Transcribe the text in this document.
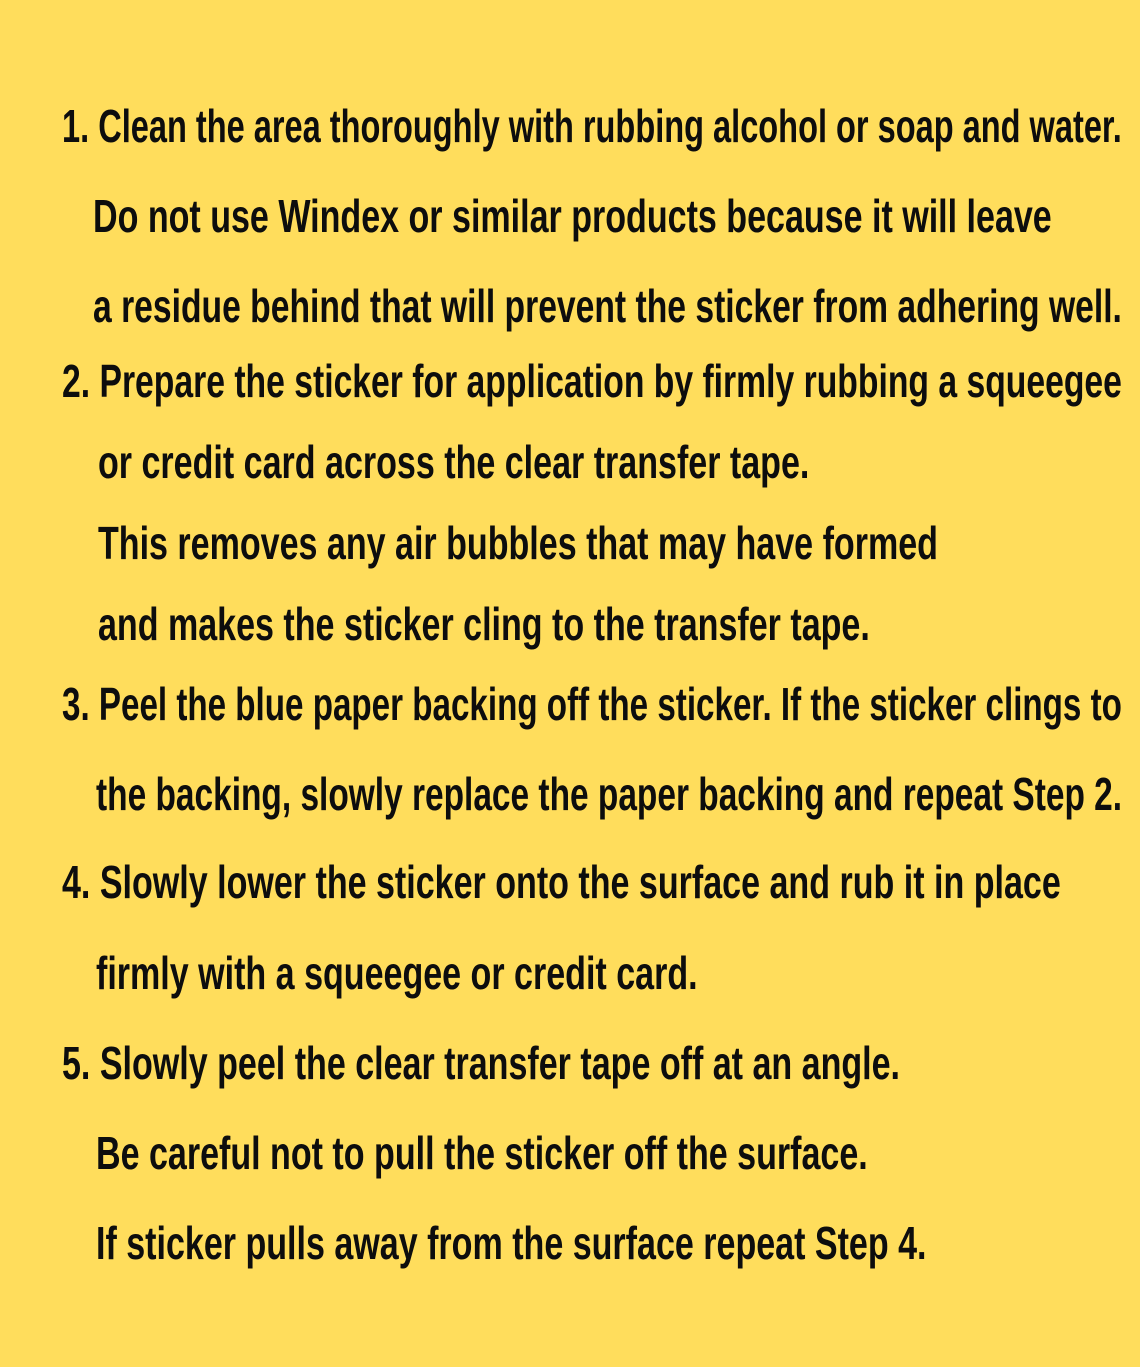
1. Clean the area thoroughly with rubbing alcohol or soap and water.
Do not use Windex or similar products because it will leave
a residue behind that will prevent the sticker from adhering well.
2. Prepare the sticker for application by firmly rubbing a squeegee
or credit card across the clear transfer tape.
This removes any air bubbles that may have formed
and makes the sticker cling to the transfer tape.
3. Peel the blue paper backing off the sticker. If the sticker clings to
the backing, slowly replace the paper backing and repeat Step 2.
4. Slowly lower the sticker onto the surface and rub it in place
firmly with a squeegee or credit card.
5. Slowly peel the clear transfer tape off at an angle.
Be careful not to pull the sticker off the surface.
If sticker pulls away from the surface repeat Step 4.
